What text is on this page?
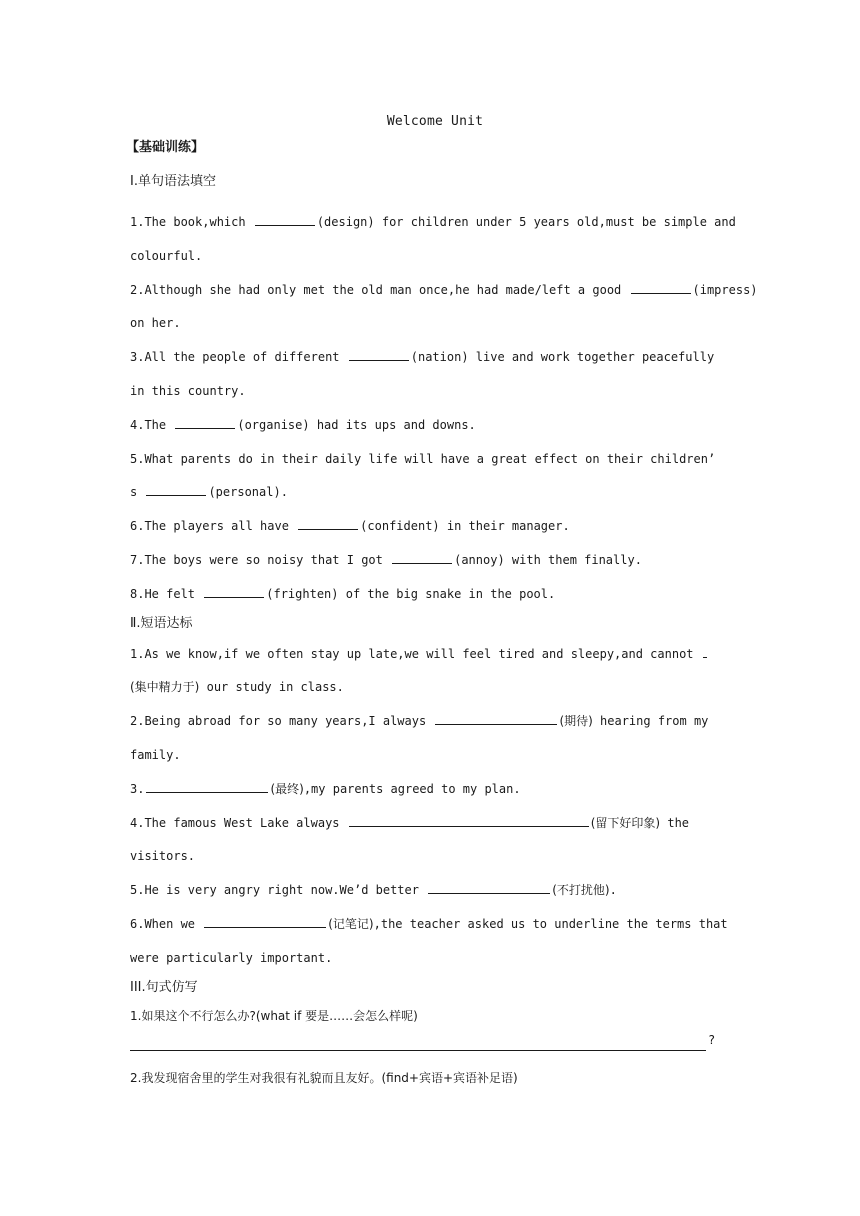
Welcome Unit
【基础训练】
Ⅰ.单句语法填空
1.The book,which	(design) for children under 5 years old,must be simple and
colourful.
2.Although she had only met the old man once,he had made/left a good	(impress)
on her.
3.All the people of different	(nation) live and work together peacefully
in this country.
4.The	(organise) had its ups and downs.
5.What parents do in their daily life will have a great effect on their children’
s	(personal).
6.The players all have	(confident) in their manager.
7.The boys were so noisy that I got	(annoy) with them finally.
8.He felt	(frighten) of the big snake in the pool.
Ⅱ.短语达标
1.As we know,if we often stay up late,we will feel tired and sleepy,and cannot
(集中精力于) our study in class.
2.Being abroad for so many years,I always	(期待) hearing from my
family.
3.	(最终),my parents agreed to my plan.
4.The famous West Lake always	(留下好印象) the
visitors.
5.He is very angry right now.We’d better	(不打扰他).
6.When we	(记笔记),the teacher asked us to underline the terms that
were particularly important.
III.句式仿写
1.如果这个不行怎么办?(what if 要是……会怎么样呢)
?
2.我发现宿舍里的学生对我很有礼貌而且友好。(find+宾语+宾语补足语)
